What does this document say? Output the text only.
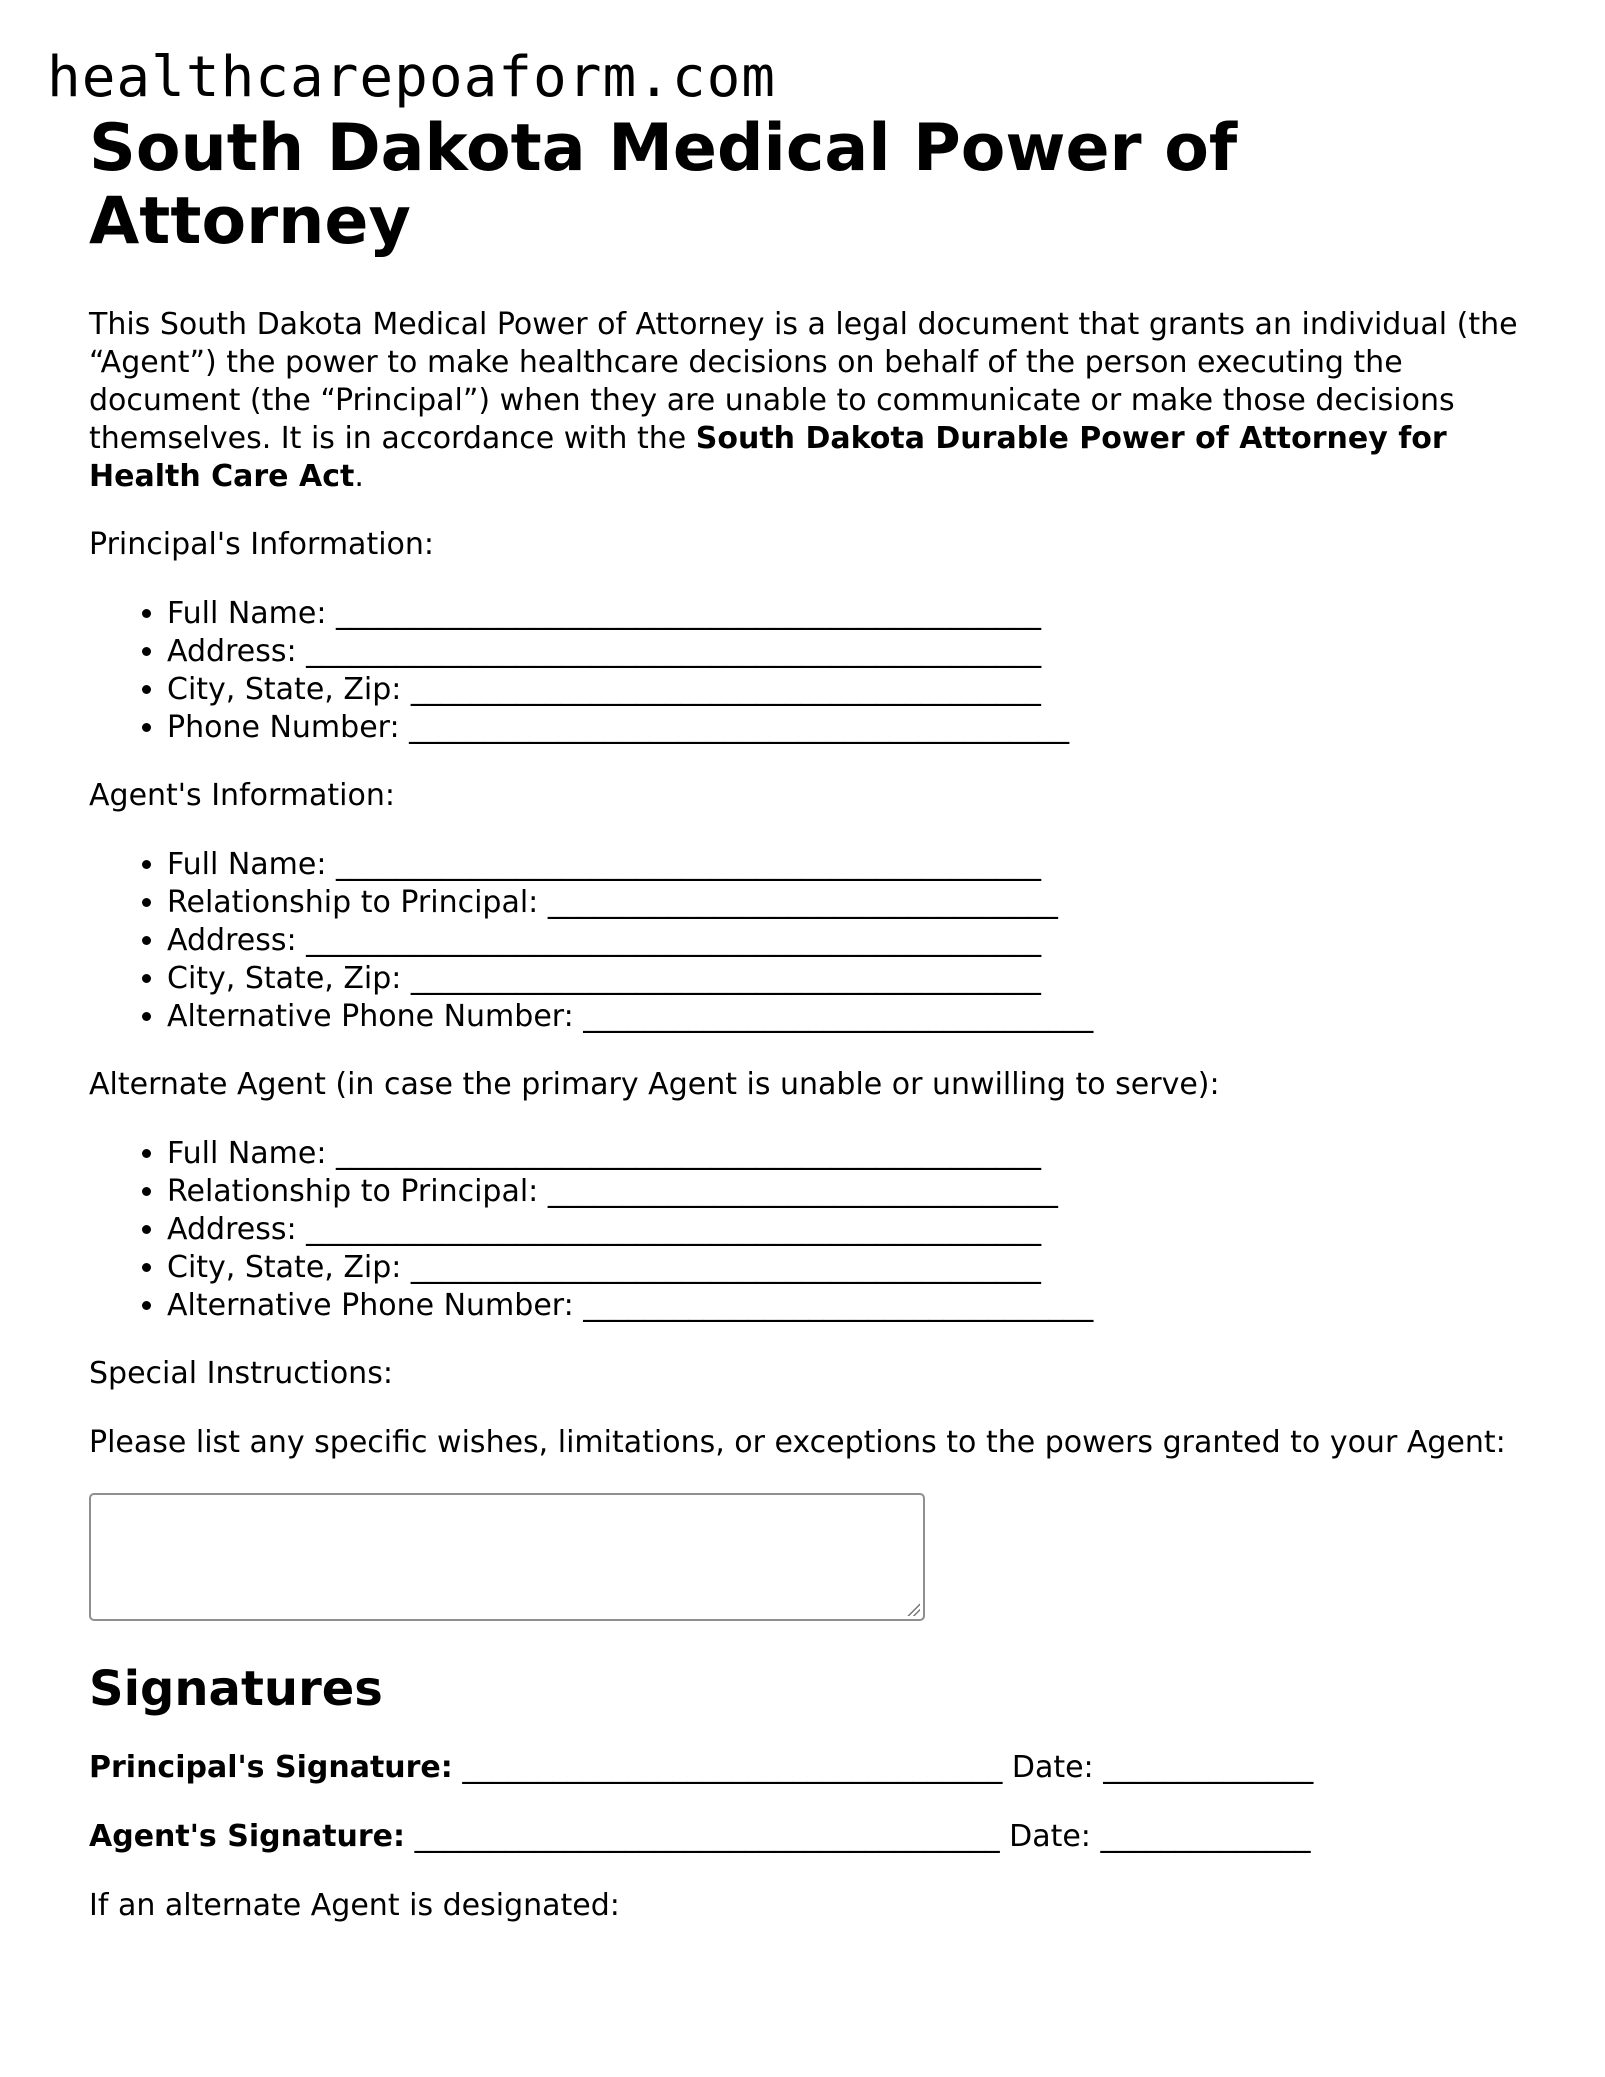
healthcarepoaform.com
South Dakota Medical Power of Attorney

This South Dakota Medical Power of Attorney is a legal document that grants an individual (the “Agent”) the power to make healthcare decisions on behalf of the person executing the document (the “Principal”) when they are unable to communicate or make those decisions themselves. It is in accordance with the South Dakota Durable Power of Attorney for Health Care Act.

Principal's Information:

• Full Name: _______________________________________________
• Address: _________________________________________________
• City, State, Zip: __________________________________________
• Phone Number: ____________________________________________

Agent's Information:

• Full Name: _______________________________________________
• Relationship to Principal: __________________________________
• Address: _________________________________________________
• City, State, Zip: __________________________________________
• Alternative Phone Number: __________________________________

Alternate Agent (in case the primary Agent is unable or unwilling to serve):

• Full Name: _______________________________________________
• Relationship to Principal: __________________________________
• Address: _________________________________________________
• City, State, Zip: __________________________________________
• Alternative Phone Number: __________________________________

Special Instructions:

Please list any specific wishes, limitations, or exceptions to the powers granted to your Agent:

Signatures

Principal's Signature: ____________________________________ Date: ______________

Agent's Signature: _______________________________________ Date: ______________

If an alternate Agent is designated:
